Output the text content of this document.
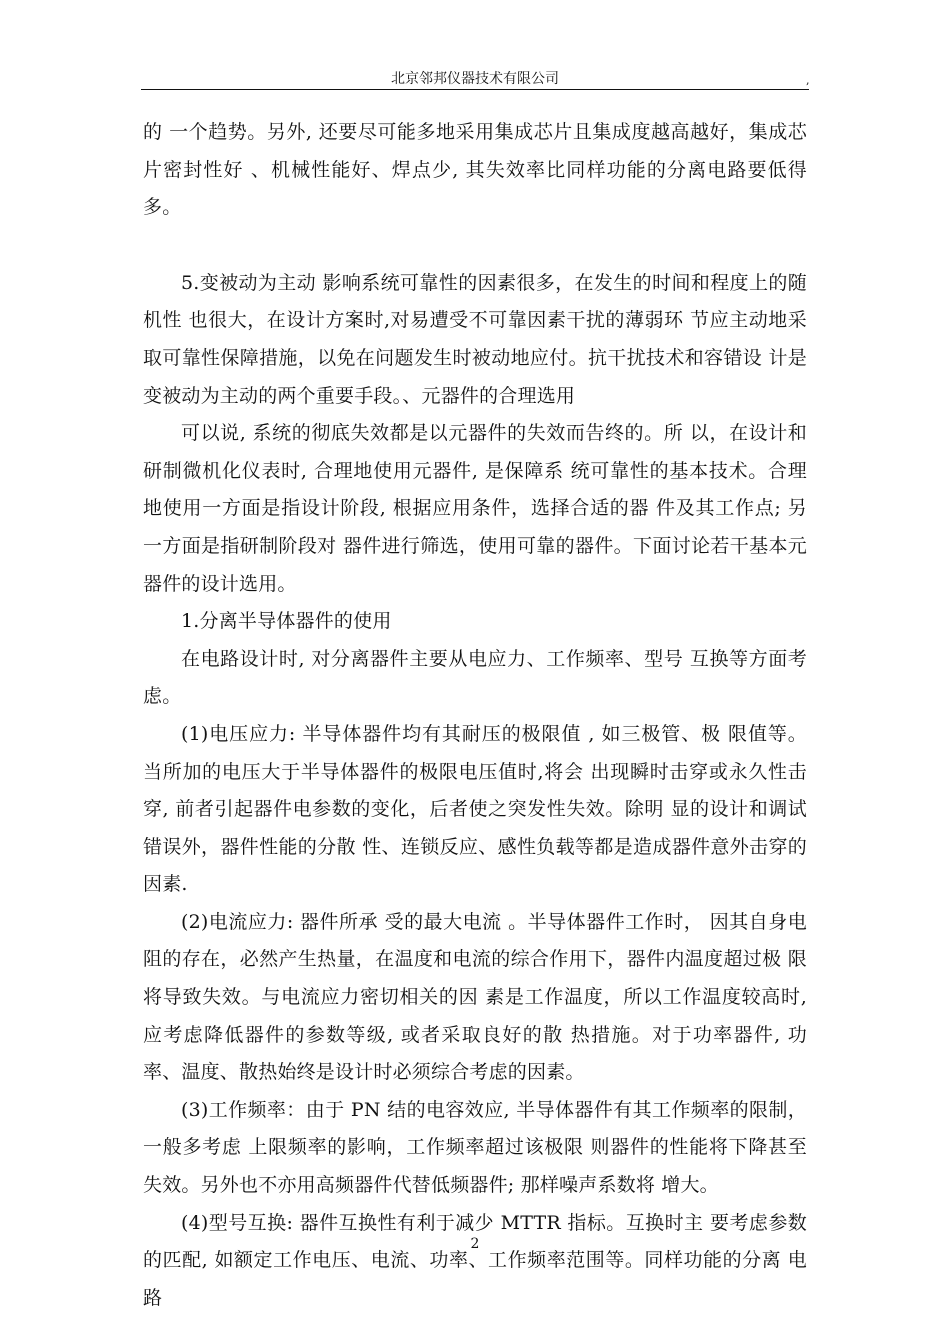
北京邻邦仪器技术有限公司	,

的 一个趋势。另外, 还要尽可能多地采用集成芯片且集成度越高越好，集成芯片密封性好 、机械性能好、焊点少, 其失效率比同样功能的分离电路要低得多。

5.变被动为主动 影响系统可靠性的因素很多，在发生的时间和程度上的随机性 也很大，在设计方案时,对易遭受不可靠因素干扰的薄弱环 节应主动地采取可靠性保障措施，以免在问题发生时被动地应付。抗干扰技术和容错设 计是变被动为主动的两个重要手段。、元器件的合理选用

可以说, 系统的彻底失效都是以元器件的失效而告终的。所 以，在设计和研制微机化仪表时, 合理地使用元器件, 是保障系 统可靠性的基本技术。合理地使用一方面是指设计阶段, 根据应用条件，选择合适的器 件及其工作点; 另一方面是指研制阶段对 器件进行筛选，使用可靠的器件。下面讨论若干基本元器件的设计选用。

1.分离半导体器件的使用

在电路设计时, 对分离器件主要从电应力、工作频率、型号 互换等方面考虑。

(1)电压应力: 半导体器件均有其耐压的极限值 , 如三极管、极 限值等。 当所加的电压大于半导体器件的极限电压值时,将会 出现瞬时击穿或永久性击穿, 前者引起器件电参数的变化，后者使之突发性失效。除明 显的设计和调试错误外，器件性能的分散 性、连锁反应、感性负载等都是造成器件意外击穿的因素.

(2)电流应力: 器件所承 受的最大电流 。半导体器件工作时， 因其自身电阻的存在，必然产生热量，在温度和电流的综合作用下，器件内温度超过极 限将导致失效。与电流应力密切相关的因 素是工作温度，所以工作温度较高时, 应考虑降低器件的参数等级, 或者采取良好的散 热措施。对于功率器件, 功率、温度、散热始终是设计时必须综合考虑的因素。

(3)工作频率：由于 PN 结的电容效应, 半导体器件有其工作频率的限制，一般多考虑 上限频率的影响，工作频率超过该极限 则器件的性能将下降甚至失效。另外也不亦用高频器件代替低频器件; 那样噪声系数将 增大。

(4)型号互换: 器件互换性有利于减少 MTTR 指标。互换时主 要考虑参数的匹配, 如额定工作电压、电流、功率、工作频率范围等。同样功能的分离 电路

2
